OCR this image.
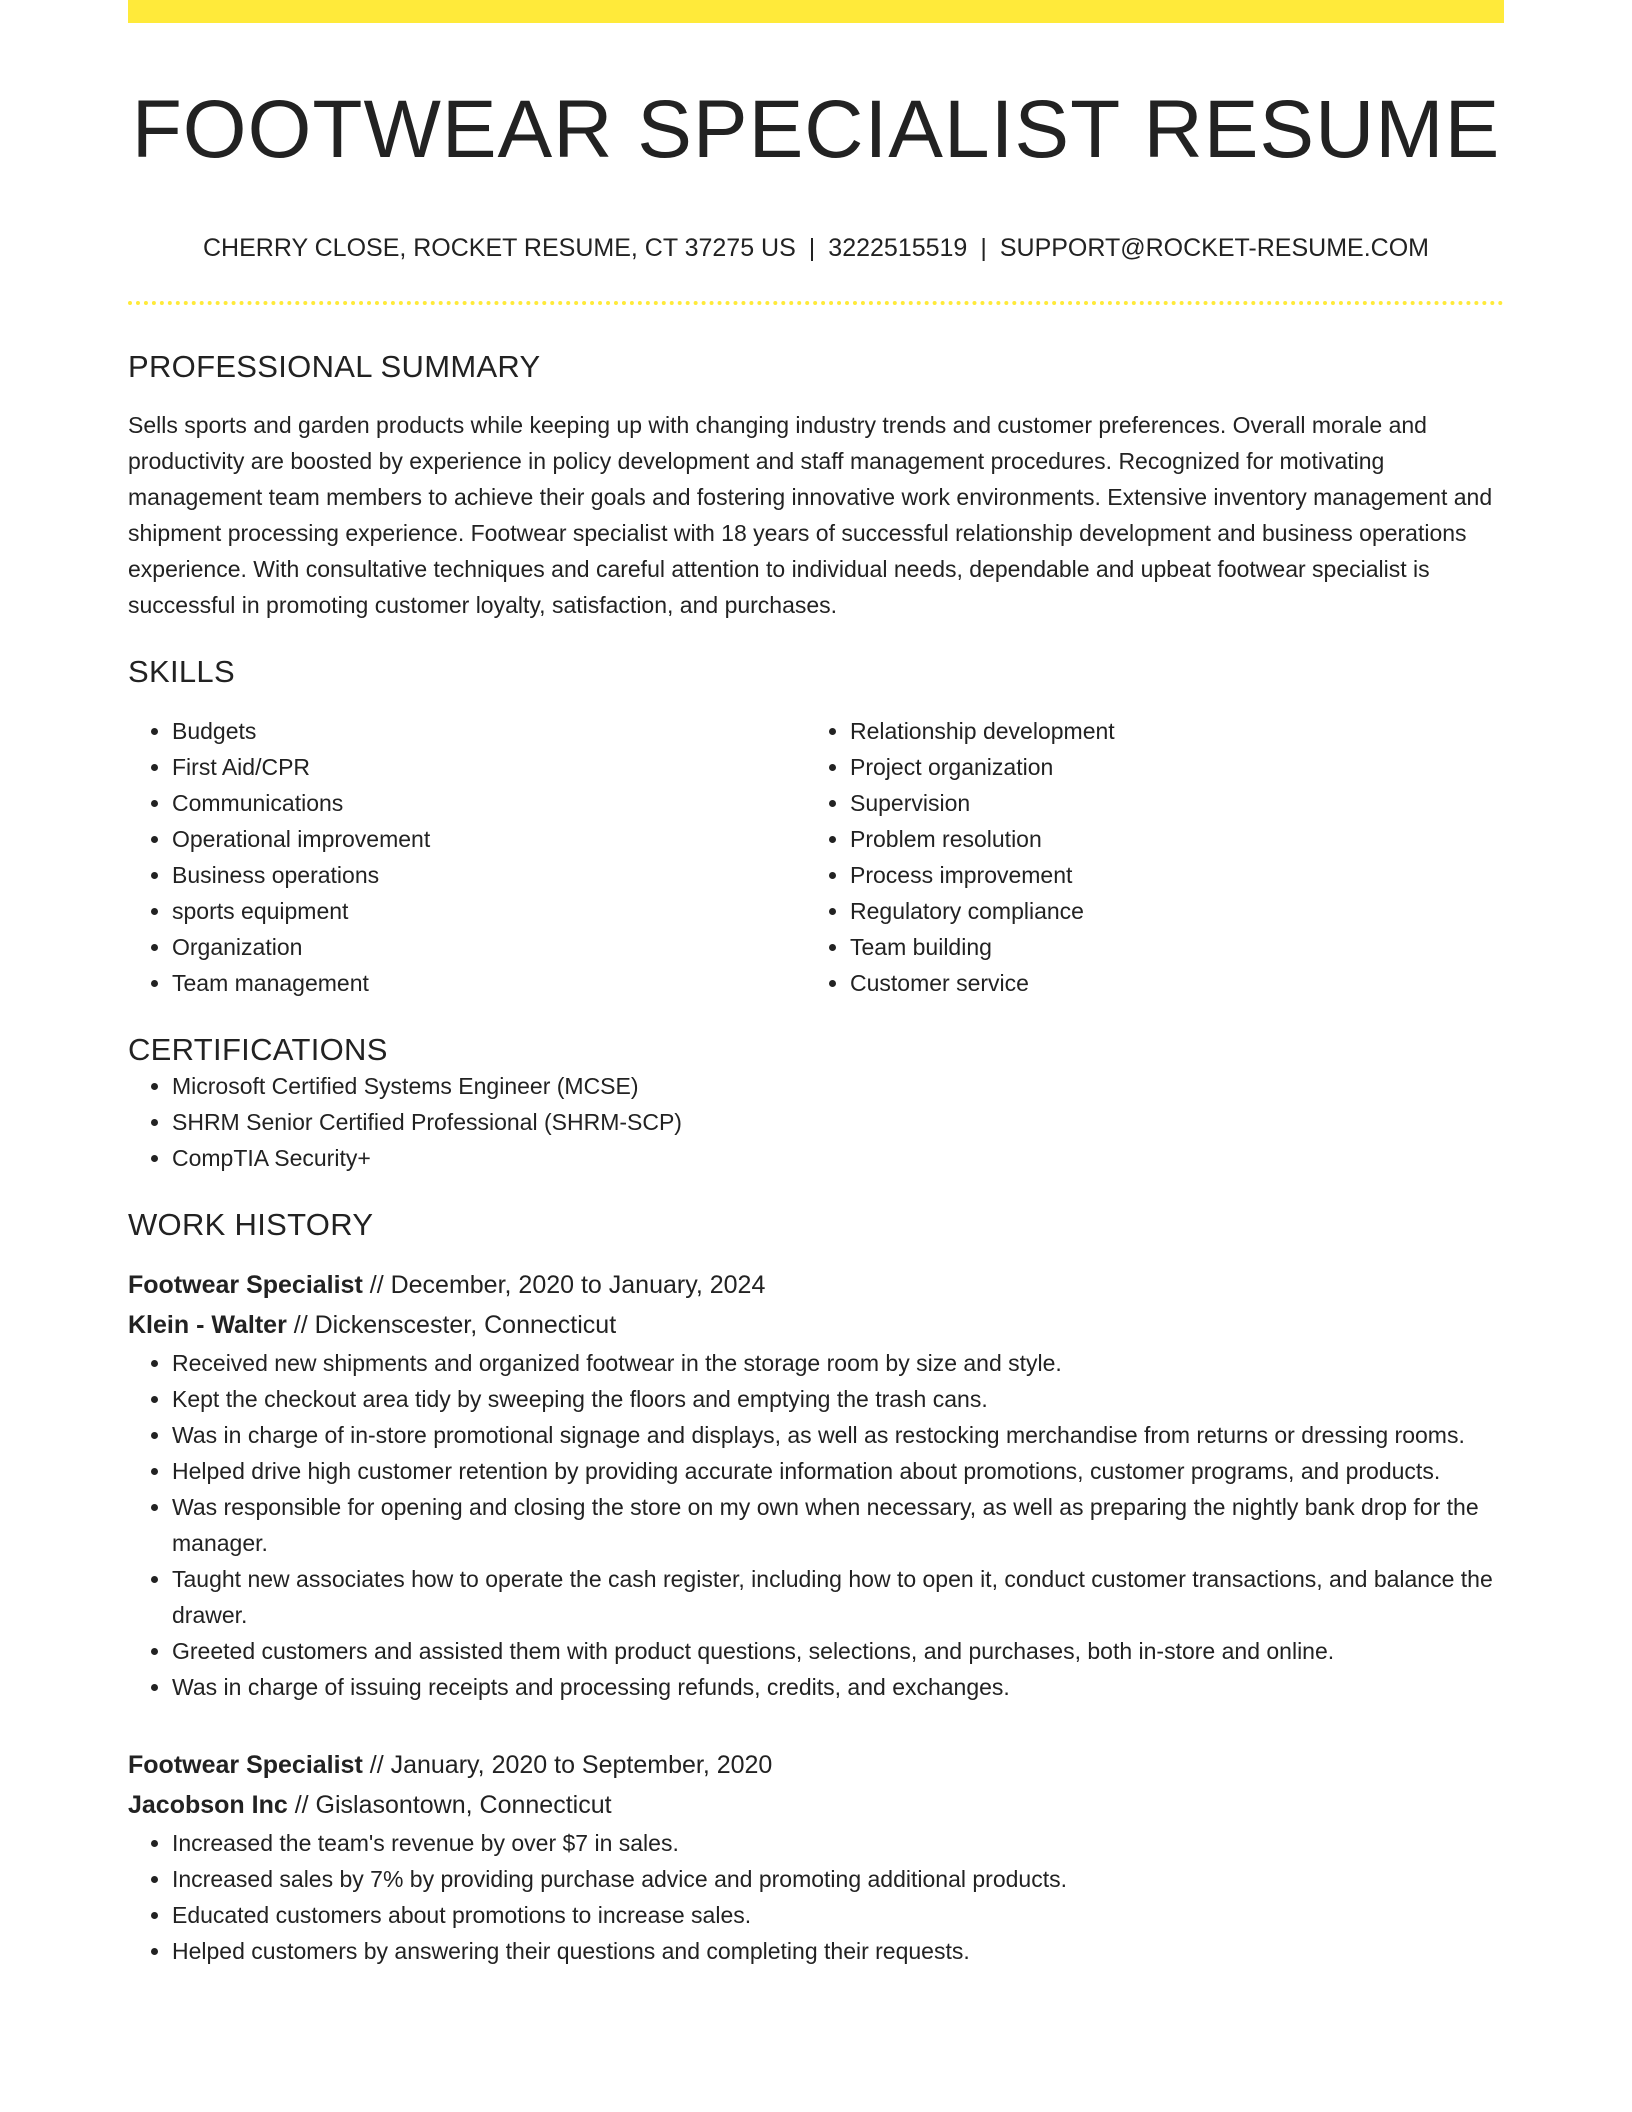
FOOTWEAR SPECIALIST RESUME
CHERRY CLOSE, ROCKET RESUME, CT 37275 US | 3222515519 | SUPPORT@ROCKET-RESUME.COM
PROFESSIONAL SUMMARY

Sells sports and garden products while keeping up with changing industry trends and customer preferences. Overall morale and productivity are boosted by experience in policy development and staff management procedures. Recognized for motivating management team members to achieve their goals and fostering innovative work environments. Extensive inventory management and shipment processing experience. Footwear specialist with 18 years of successful relationship development and business operations experience. With consultative techniques and careful attention to individual needs, dependable and upbeat footwear specialist is successful in promoting customer loyalty, satisfaction, and purchases.

SKILLS
• Budgets
• First Aid/CPR
• Communications
• Operational improvement
• Business operations
• sports equipment
• Organization
• Team management
• Relationship development
• Project organization
• Supervision
• Problem resolution
• Process improvement
• Regulatory compliance
• Team building
• Customer service
CERTIFICATIONS
• Microsoft Certified Systems Engineer (MCSE)
• SHRM Senior Certified Professional (SHRM-SCP)
• CompTIA Security+
WORK HISTORY
Footwear Specialist // December, 2020 to January, 2024
Klein - Walter // Dickenscester, Connecticut
• Received new shipments and organized footwear in the storage room by size and style.
• Kept the checkout area tidy by sweeping the floors and emptying the trash cans.
• Was in charge of in-store promotional signage and displays, as well as restocking merchandise from returns or dressing rooms.
• Helped drive high customer retention by providing accurate information about promotions, customer programs, and products.
• Was responsible for opening and closing the store on my own when necessary, as well as preparing the nightly bank drop for the manager.
• Taught new associates how to operate the cash register, including how to open it, conduct customer transactions, and balance the drawer.
• Greeted customers and assisted them with product questions, selections, and purchases, both in-store and online.
• Was in charge of issuing receipts and processing refunds, credits, and exchanges.
Footwear Specialist // January, 2020 to September, 2020
Jacobson Inc // Gislasontown, Connecticut
• Increased the team's revenue by over $7 in sales.
• Increased sales by 7% by providing purchase advice and promoting additional products.
• Educated customers about promotions to increase sales.
• Helped customers by answering their questions and completing their requests.
